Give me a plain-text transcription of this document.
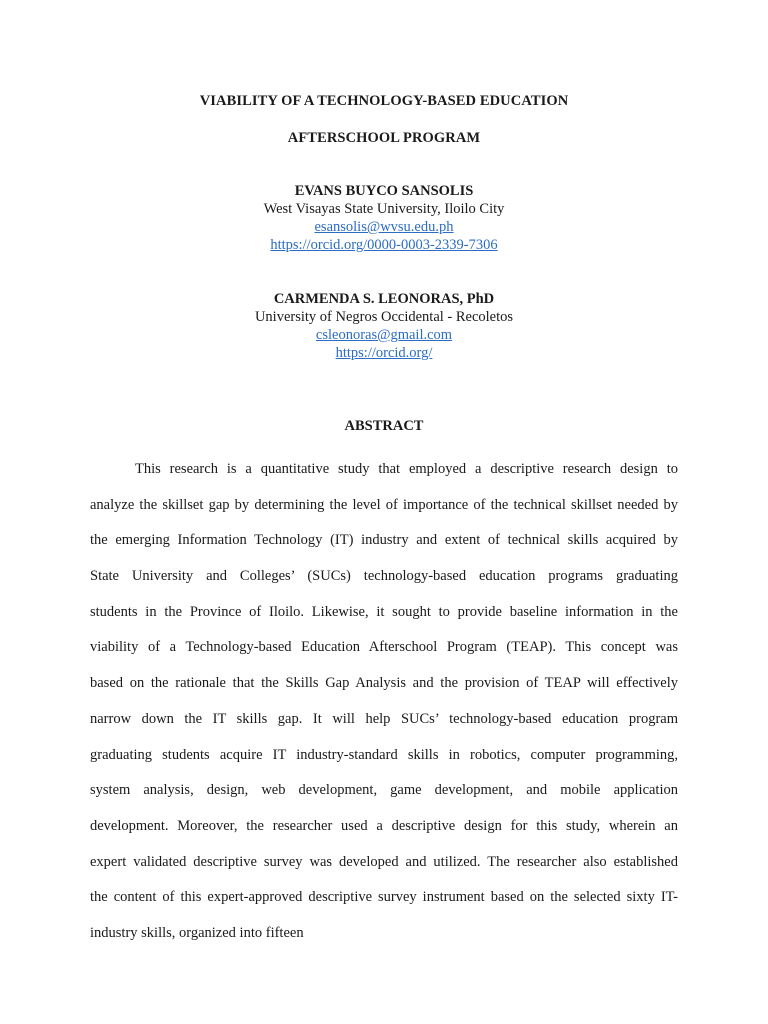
VIABILITY OF A TECHNOLOGY-BASED EDUCATION
AFTERSCHOOL PROGRAM
EVANS BUYCO SANSOLIS
West Visayas State University, Iloilo City
esansolis@wvsu.edu.ph
https://orcid.org/0000-0003-2339-7306
CARMENDA S. LEONORAS, PhD
University of Negros Occidental - Recoletos
csleonoras@gmail.com
https://orcid.org/
ABSTRACT
This research is a quantitative study that employed a descriptive research design to
analyze the skillset gap by determining the level of importance of the technical skillset needed by
the emerging Information Technology (IT) industry and extent of technical skills acquired by
State University and Colleges’ (SUCs) technology-based education programs graduating
students in the Province of Iloilo. Likewise, it sought to provide baseline information in the
viability of a Technology-based Education Afterschool Program (TEAP). This concept was
based on the rationale that the Skills Gap Analysis and the provision of TEAP will effectively
narrow down the IT skills gap. It will help SUCs’ technology-based education program
graduating students acquire IT industry-standard skills in robotics, computer programming,
system analysis, design, web development, game development, and mobile application
development. Moreover, the researcher used a descriptive design for this study, wherein an
expert validated descriptive survey was developed and utilized. The researcher also established
the content of this expert-approved descriptive survey instrument based on the selected sixty IT-
industry skills, organized into fifteen
